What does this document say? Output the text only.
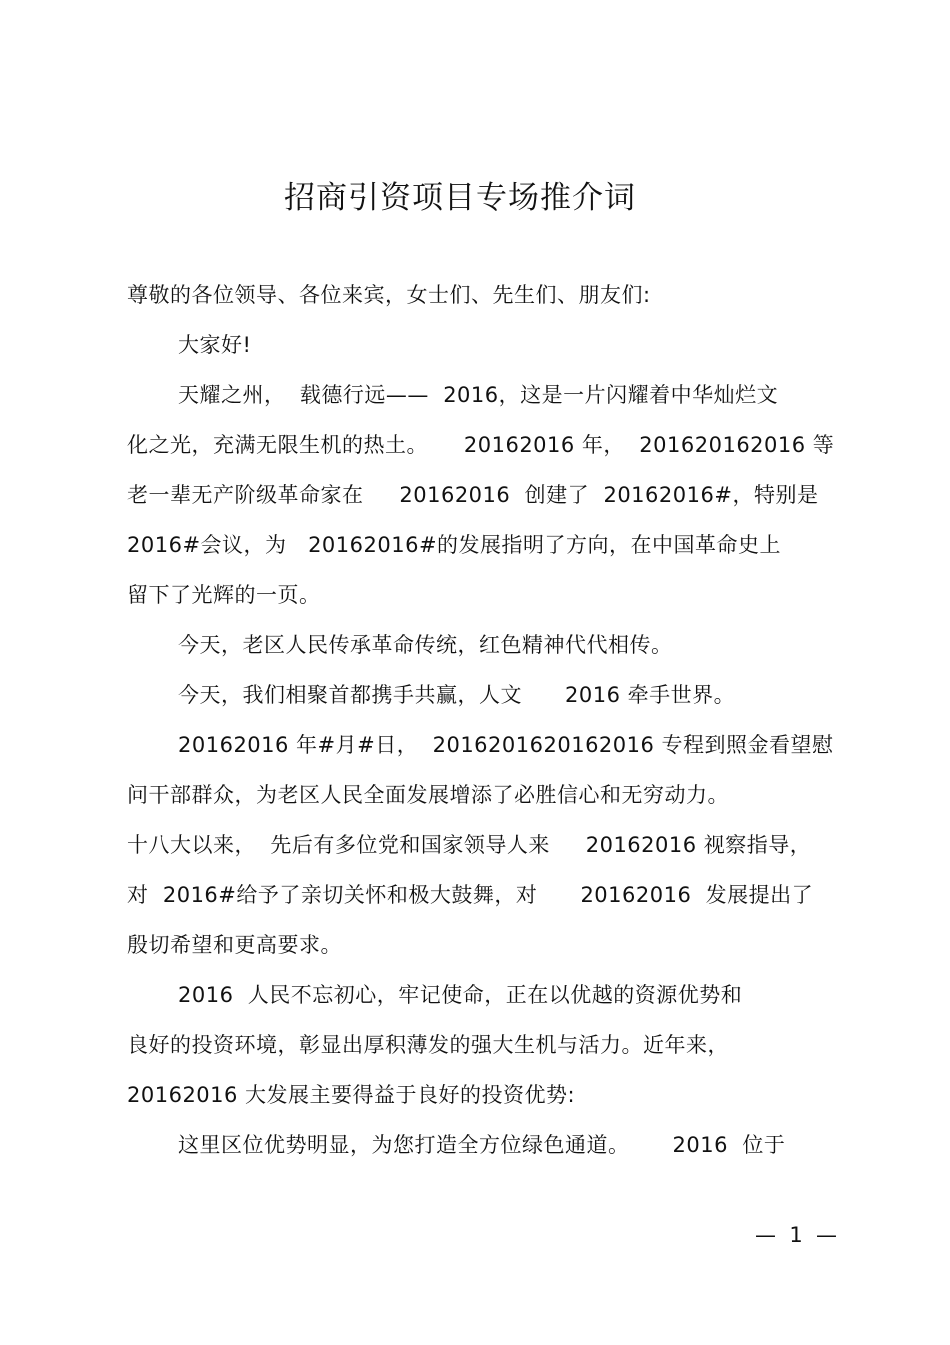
招商引资项目专场推介词
尊敬的各位领导、各位来宾，女士们、先生们、朋友们:
大家好!
天耀之州，  载德行远——  2016，这是一片闪耀着中华灿烂文
化之光，充满无限生机的热土。     20162016 年，  201620162016 等
老一辈无产阶级革命家在     20162016  创建了  20162016#，特别是
2016#会议，为   20162016#的发展指明了方向，在中国革命史上
留下了光辉的一页。
今天，老区人民传承革命传统，红色精神代代相传。
今天，我们相聚首都携手共赢，人文      2016 牵手世界。
20162016 年#月#日，  2016201620162016 专程到照金看望慰
问干部群众，为老区人民全面发展增添了必胜信心和无穷动力。
十八大以来，  先后有多位党和国家领导人来     20162016 视察指导，
对  2016#给予了亲切关怀和极大鼓舞，对      20162016  发展提出了
殷切希望和更高要求。
2016  人民不忘初心，牢记使命，正在以优越的资源优势和
良好的投资环境，彰显出厚积薄发的强大生机与活力。近年来，
20162016 大发展主要得益于良好的投资优势:
这里区位优势明显，为您打造全方位绿色通道。      2016  位于
—  1  —
